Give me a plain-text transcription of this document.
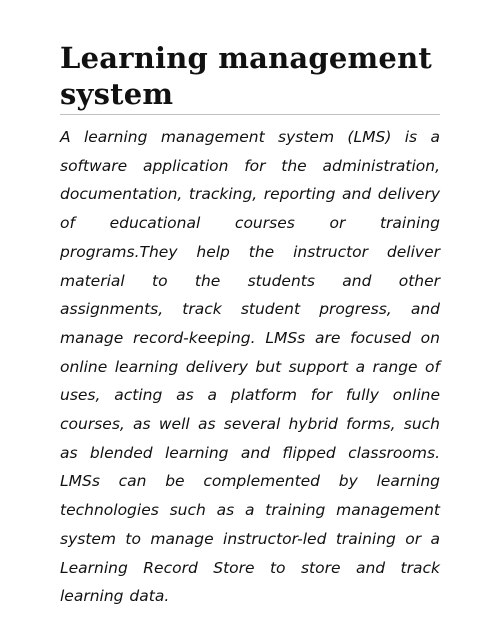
Learning management system

A learning management system (LMS) is a software application for the administration, documentation, tracking, reporting and delivery of educational courses or training programs.They help the instructor deliver material to the students and other assignments, track student progress, and manage record-keeping. LMSs are focused on online learning delivery but support a range of uses, acting as a platform for fully online courses, as well as several hybrid forms, such as blended learning and flipped classrooms. LMSs can be complemented by learning technologies such as a training management system to manage instructor-led training or a Learning Record Store to store and track learning data.
